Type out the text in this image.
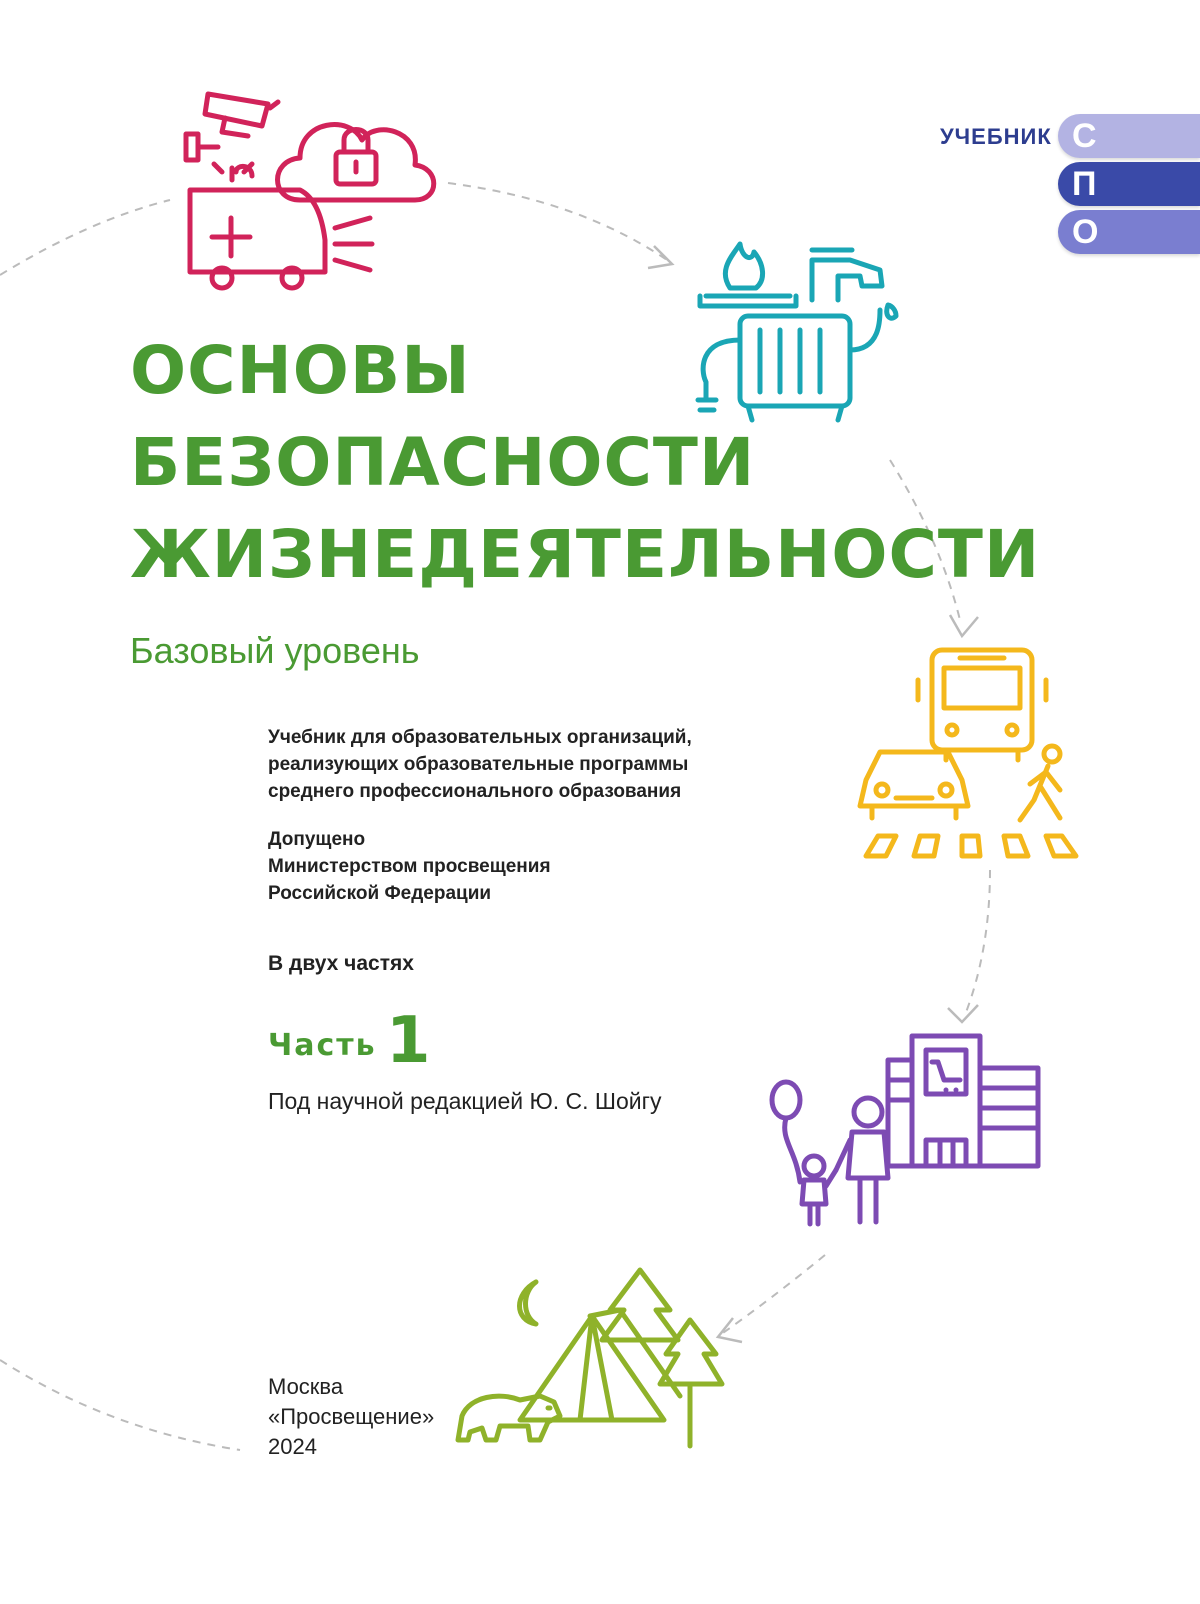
УЧЕБНИК С
П
О
ОСНОВЫ
БЕЗОПАСНОСТИ
ЖИЗНЕДЕЯТЕЛЬНОСТИ
Базовый уровень
Учебник для образовательных организаций,
реализующих образовательные программы
среднего профессионального образования
Допущено
Министерством просвещения
Российской Федерации
В двух частях
Часть 1
Под научной редакцией Ю. С. Шойгу
Москва
«Просвещение»
2024
